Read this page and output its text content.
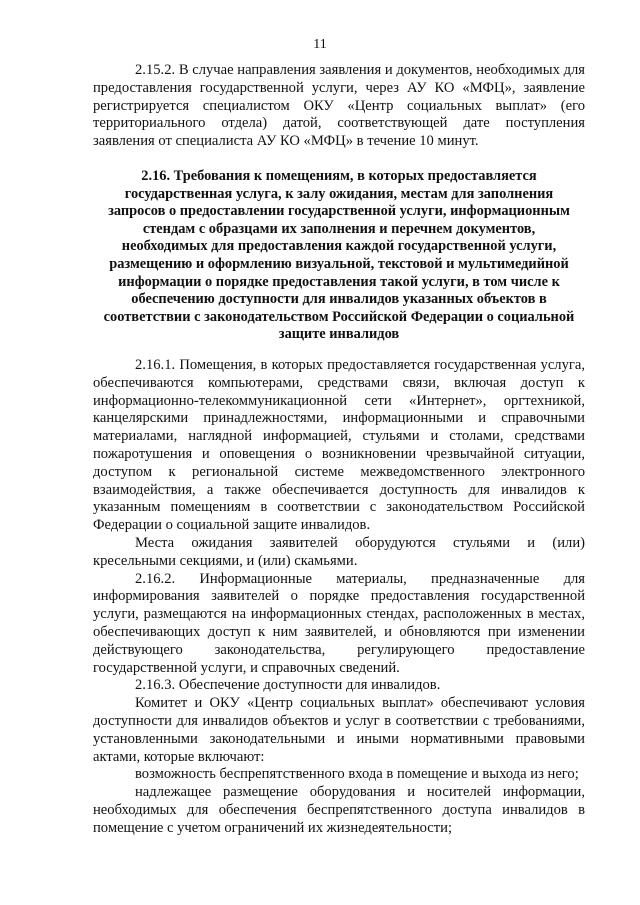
11

2.15.2. В случае направления заявления и документов, необходимых для предоставления государственной услуги, через АУ КО «МФЦ», заявление регистрируется специалистом ОКУ «Центр социальных выплат» (его территориального отдела) датой, соответствующей дате поступления заявления от специалиста АУ КО «МФЦ» в течение 10 минут.

2.16. Требования к помещениям, в которых предоставляется государственная услуга, к залу ожидания, местам для заполнения запросов о предоставлении государственной услуги, информационным стендам с образцами их заполнения и перечнем документов, необходимых для предоставления каждой государственной услуги, размещению и оформлению визуальной, текстовой и мультимедийной информации о порядке предоставления такой услуги, в том числе к обеспечению доступности для инвалидов указанных объектов в соответствии с законодательством Российской Федерации о социальной защите инвалидов

2.16.1. Помещения, в которых предоставляется государственная услуга, обеспечиваются компьютерами, средствами связи, включая доступ к информационно-телекоммуникационной сети «Интернет», оргтехникой, канцелярскими принадлежностями, информационными и справочными материалами, наглядной информацией, стульями и столами, средствами пожаротушения и оповещения о возникновении чрезвычайной ситуации, доступом к региональной системе межведомственного электронного взаимодействия, а также обеспечивается доступность для инвалидов к указанным помещениям в соответствии с законодательством Российской Федерации о социальной защите инвалидов.

Места ожидания заявителей оборудуются стульями и (или) кресельными секциями, и (или) скамьями.

2.16.2. Информационные материалы, предназначенные для информирования заявителей о порядке предоставления государственной услуги, размещаются на информационных стендах, расположенных в местах, обеспечивающих доступ к ним заявителей, и обновляются при изменении действующего законодательства, регулирующего предоставление государственной услуги, и справочных сведений.

2.16.3. Обеспечение доступности для инвалидов.

Комитет и ОКУ «Центр социальных выплат» обеспечивают условия доступности для инвалидов объектов и услуг в соответствии с требованиями, установленными законодательными и иными нормативными правовыми актами, которые включают:

возможность беспрепятственного входа в помещение и выхода из него;

надлежащее размещение оборудования и носителей информации, необходимых для обеспечения беспрепятственного доступа инвалидов в помещение с учетом ограничений их жизнедеятельности;
